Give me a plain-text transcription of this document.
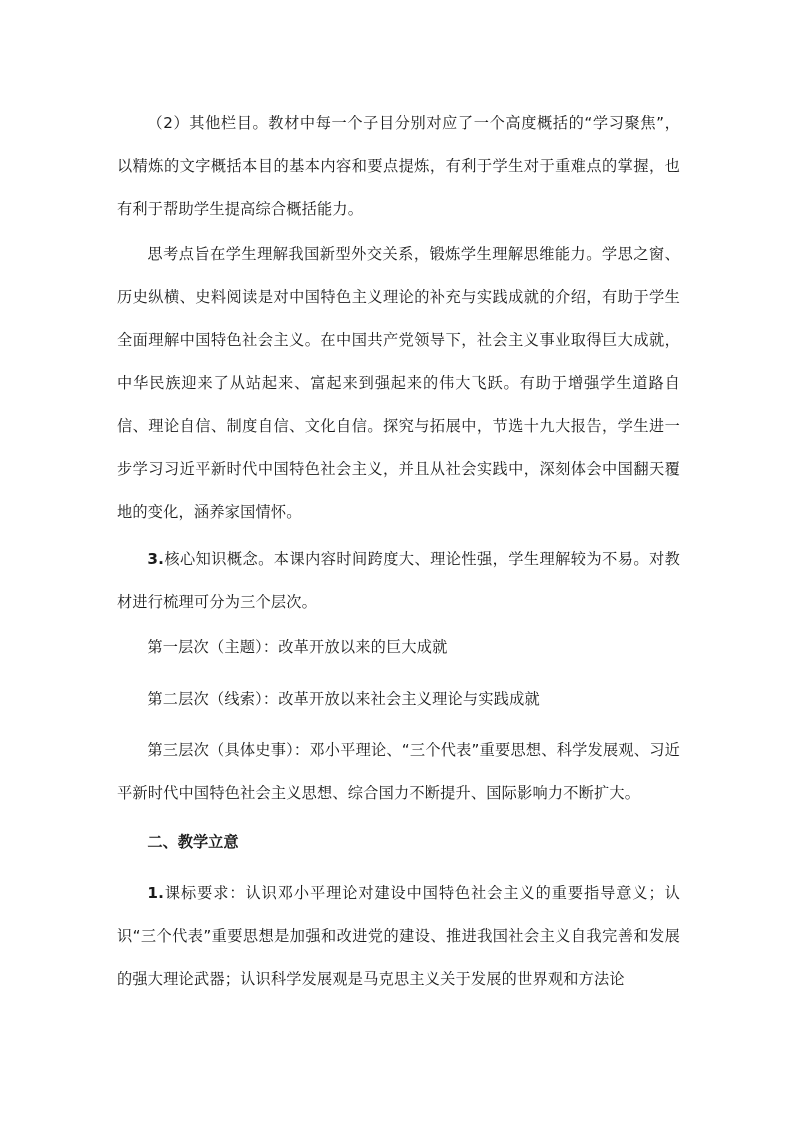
（2）其他栏目。教材中每一个子目分别对应了一个高度概括的“学习聚焦”，以精炼的文字概括本目的基本内容和要点提炼，有利于学生对于重难点的掌握，也有利于帮助学生提高综合概括能力。

思考点旨在学生理解我国新型外交关系，锻炼学生理解思维能力。学思之窗、历史纵横、史料阅读是对中国特色主义理论的补充与实践成就的介绍，有助于学生全面理解中国特色社会主义。在中国共产党领导下，社会主义事业取得巨大成就，中华民族迎来了从站起来、富起来到强起来的伟大飞跃。有助于增强学生道路自信、理论自信、制度自信、文化自信。探究与拓展中，节选十九大报告，学生进一步学习习近平新时代中国特色社会主义，并且从社会实践中，深刻体会中国翻天覆地的变化，涵养家国情怀。

3.核心知识概念。本课内容时间跨度大、理论性强，学生理解较为不易。对教材进行梳理可分为三个层次。

第一层次（主题）：改革开放以来的巨大成就

第二层次（线索）：改革开放以来社会主义理论与实践成就

第三层次（具体史事）：邓小平理论、“三个代表”重要思想、科学发展观、习近平新时代中国特色社会主义思想、综合国力不断提升、国际影响力不断扩大。

二、教学立意

1.课标要求：认识邓小平理论对建设中国特色社会主义的重要指导意义；认识“三个代表”重要思想是加强和改进党的建设、推进我国社会主义自我完善和发展的强大理论武器；认识科学发展观是马克思主义关于发展的世界观和方法论
